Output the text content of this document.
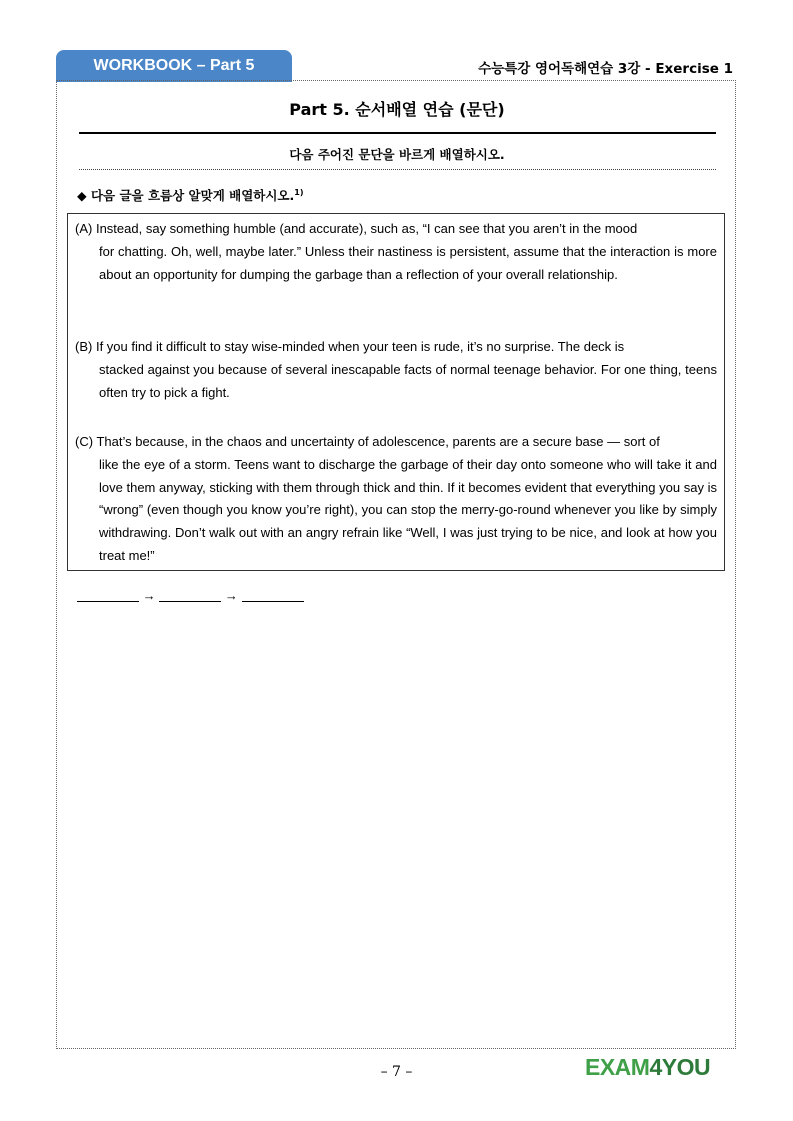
WORKBOOK – Part 5	수능특강 영어독해연습 3강 - Exercise 1
Part 5. 순서배열 연습 (문단)
다음 주어진 문단을 바르게 배열하시오.
◆ 다음 글을 흐름상 알맞게 배열하시오.$^{1)}$
(A) Instead, say something humble (and accurate), such as, “I can see that you aren’t in the mood
for chatting. Oh, well, maybe later.” Unless their nastiness is persistent, assume that the interaction is more about an opportunity for dumping the garbage than a reflection of your overall relationship.
(B) If you find it difficult to stay wise-minded when your teen is rude, it’s no surprise. The deck is
stacked against you because of several inescapable facts of normal teenage behavior. For one thing, teens often try to pick a fight.
(C) That’s because, in the chaos and uncertainty of adolescence, parents are a secure base — sort of
like the eye of a storm. Teens want to discharge the garbage of their day onto someone who will take it and love them anyway, sticking with them through thick and thin. If it becomes evident that everything you say is “wrong” (even though you know you’re right), you can stop the merry-go-round whenever you like by simply withdrawing. Don’t walk out with an angry refrain like “Well, I was just trying to be nice, and look at how you treat me!”
→	→
– 7 –	EXAM4YOU
